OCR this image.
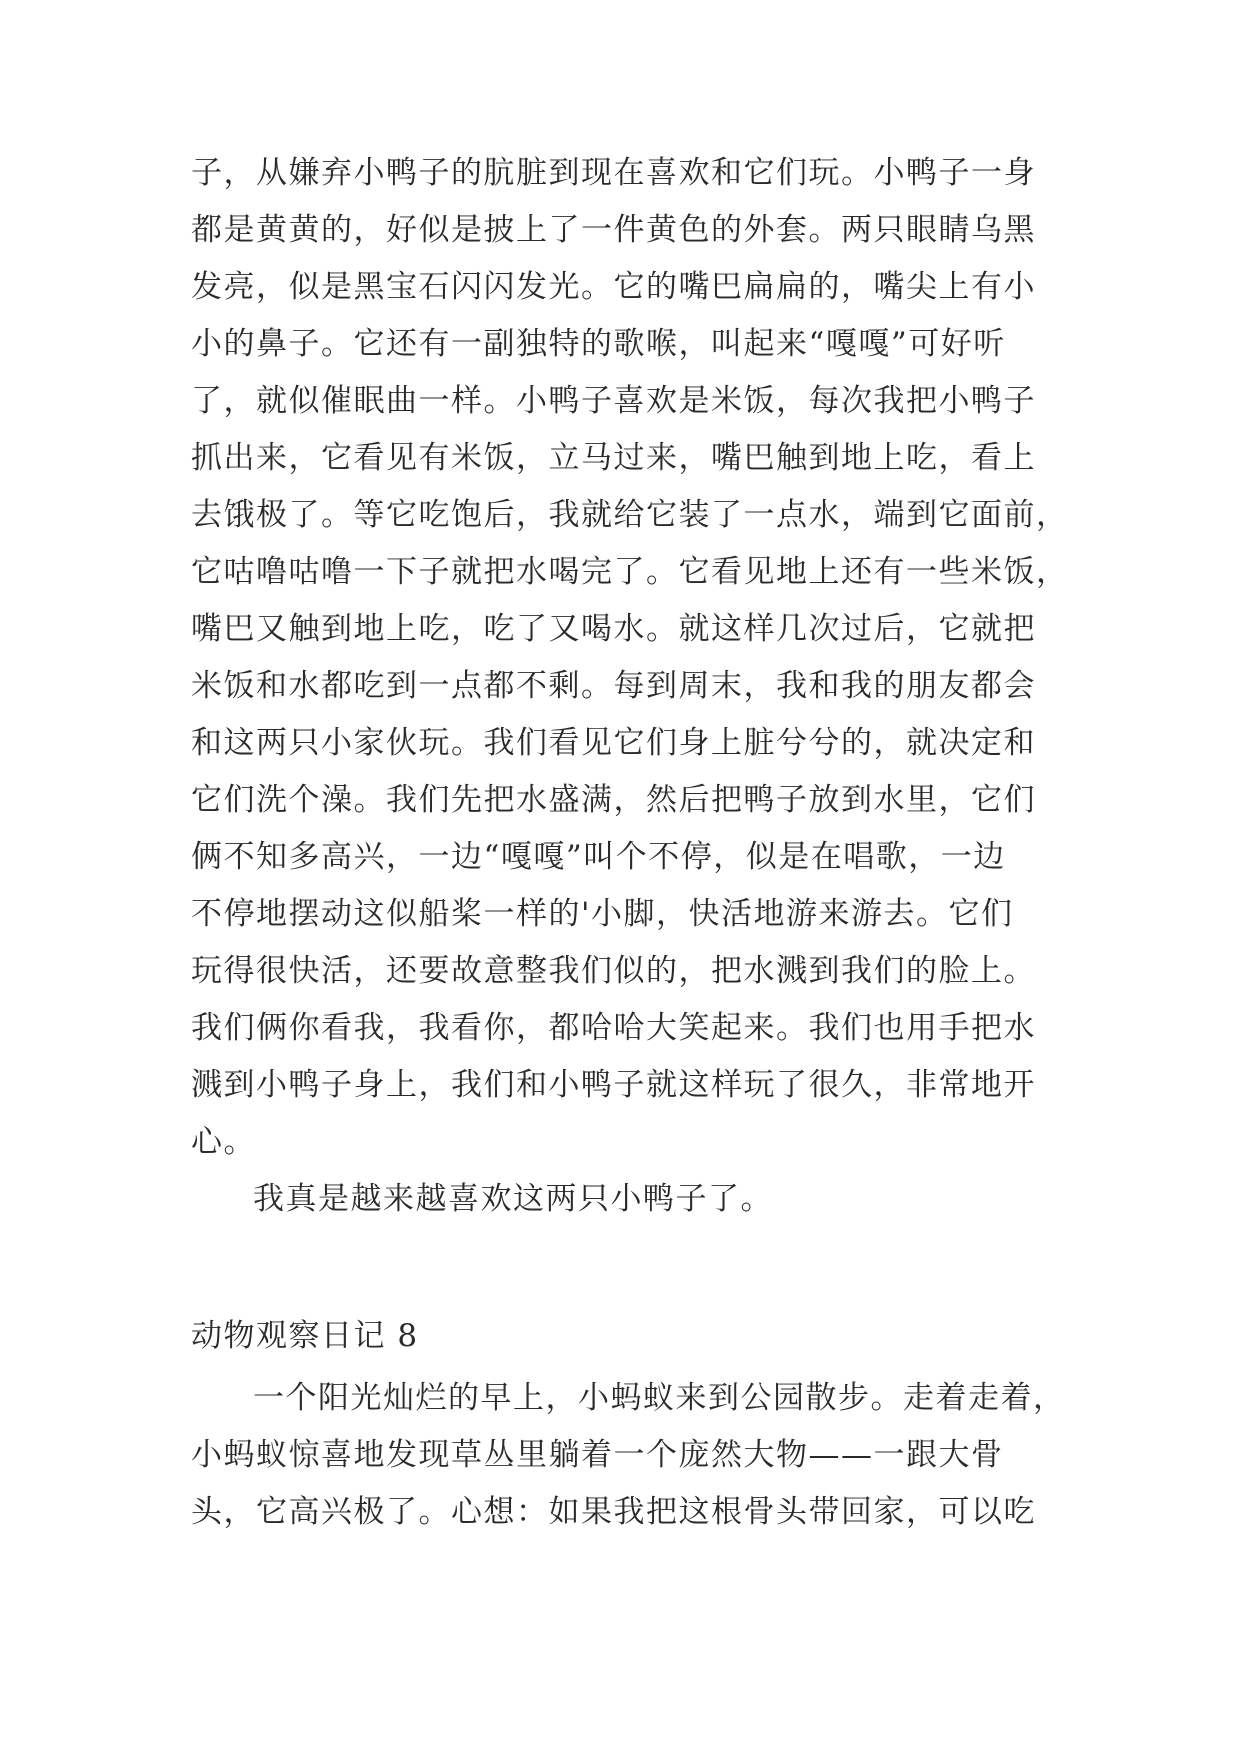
子，从嫌弃小鸭子的肮脏到现在喜欢和它们玩。小鸭子一身
都是黄黄的，好似是披上了一件黄色的外套。两只眼睛乌黑
发亮，似是黑宝石闪闪发光。它的嘴巴扁扁的，嘴尖上有小
小的鼻子。它还有一副独特的歌喉，叫起来“嘎嘎”可好听
了，就似催眠曲一样。小鸭子喜欢是米饭，每次我把小鸭子
抓出来，它看见有米饭，立马过来，嘴巴触到地上吃，看上
去饿极了。等它吃饱后，我就给它装了一点水，端到它面前，
它咕噜咕噜一下子就把水喝完了。它看见地上还有一些米饭，
嘴巴又触到地上吃，吃了又喝水。就这样几次过后，它就把
米饭和水都吃到一点都不剩。每到周末，我和我的朋友都会
和这两只小家伙玩。我们看见它们身上脏兮兮的，就决定和
它们洗个澡。我们先把水盛满，然后把鸭子放到水里，它们
俩不知多高兴，一边“嘎嘎”叫个不停，似是在唱歌，一边
不停地摆动这似船桨一样的'小脚，快活地游来游去。它们
玩得很快活，还要故意整我们似的，把水溅到我们的脸上。
我们俩你看我，我看你，都哈哈大笑起来。我们也用手把水
溅到小鸭子身上，我们和小鸭子就这样玩了很久，非常地开
心。
我真是越来越喜欢这两只小鸭子了。
动物观察日记 8
一个阳光灿烂的早上，小蚂蚁来到公园散步。走着走着，
小蚂蚁惊喜地发现草丛里躺着一个庞然大物——一跟大骨
头，它高兴极了。心想：如果我把这根骨头带回家，可以吃
